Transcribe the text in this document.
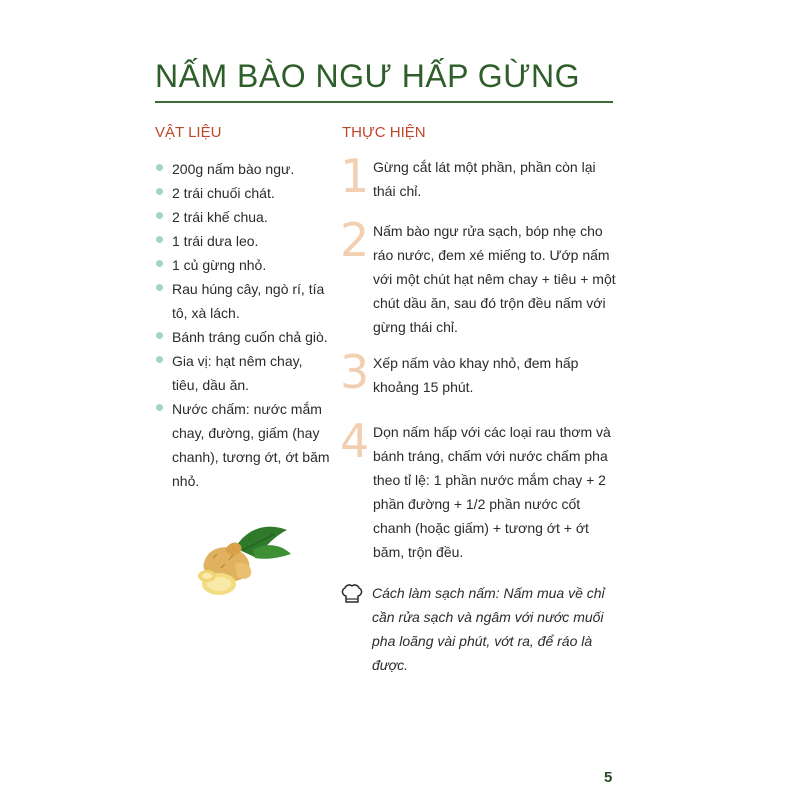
NẤM BÀO NGƯ HẤP GỪNG
VẬT LIỆU	THỰC HIỆN
200g nấm bào ngư.
2 trái chuối chát.
2 trái khế chua.
1 trái dưa leo.
1 củ gừng nhỏ.
Rau húng cây, ngò rí, tía tô, xà lách.
Bánh tráng cuốn chả giò.
Gia vị: hạt nêm chay, tiêu, dầu ăn.
Nước chấm: nước mắm chay, đường, giấm (hay chanh), tương ớt, ớt băm nhỏ.
1 Gừng cắt lát một phần, phần còn lại thái chỉ.
2 Nấm bào ngư rửa sạch, bóp nhẹ cho ráo nước, đem xé miếng to. Ướp nấm với một chút hạt nêm chay + tiêu + một chút dầu ăn, sau đó trộn đều nấm với gừng thái chỉ.
3 Xếp nấm vào khay nhỏ, đem hấp khoảng 15 phút.
4 Dọn nấm hấp với các loại rau thơm và bánh tráng, chấm với nước chấm pha theo tỉ lệ: 1 phần nước mắm chay + 2 phần đường + 1/2 phần nước cốt chanh (hoặc giấm) + tương ớt + ớt băm, trộn đều.
Cách làm sạch nấm: Nấm mua về chỉ cần rửa sạch và ngâm với nước muối pha loãng vài phút, vớt ra, để ráo là được.
5
